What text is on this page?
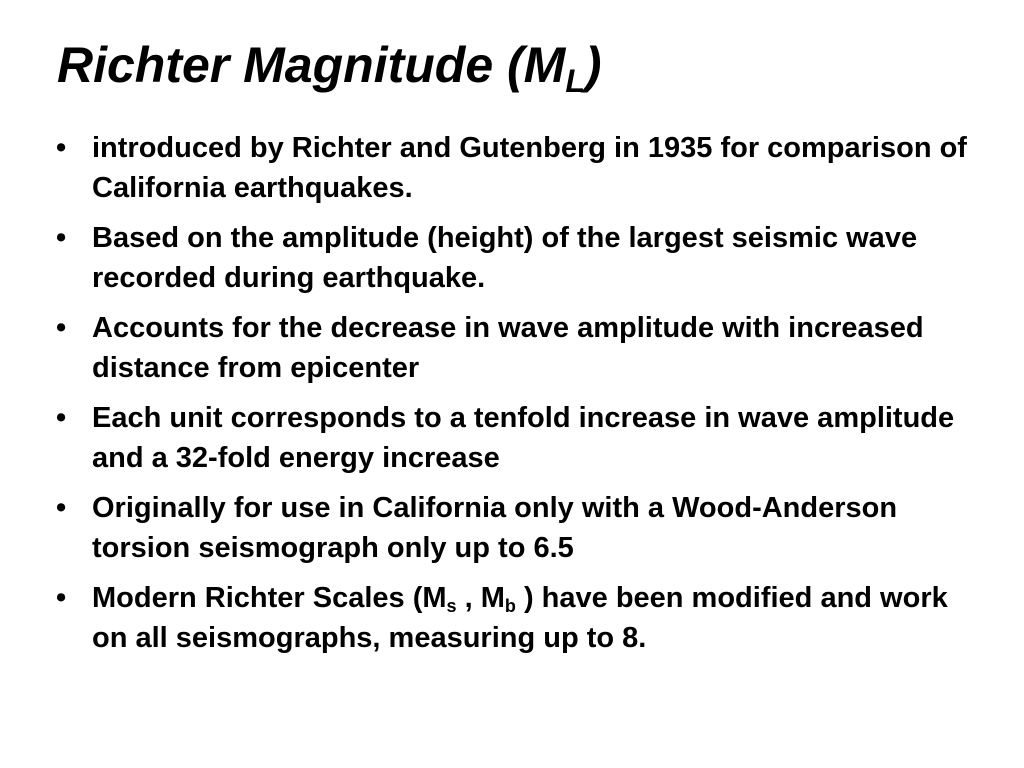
Richter Magnitude $(M_L)$
• introduced by Richter and Gutenberg in 1935 for comparison of California earthquakes.
• Based on the amplitude (height) of the largest seismic wave recorded during earthquake.
• Accounts for the decrease in wave amplitude with increased distance from epicenter
• Each unit corresponds to a tenfold increase in wave amplitude and a 32-fold energy increase
• Originally for use in California only with a Wood-Anderson torsion seismograph only up to 6.5
• Modern Richter Scales ($M_s$ , $M_b$ ) have been modified and work on all seismographs, measuring up to 8.
